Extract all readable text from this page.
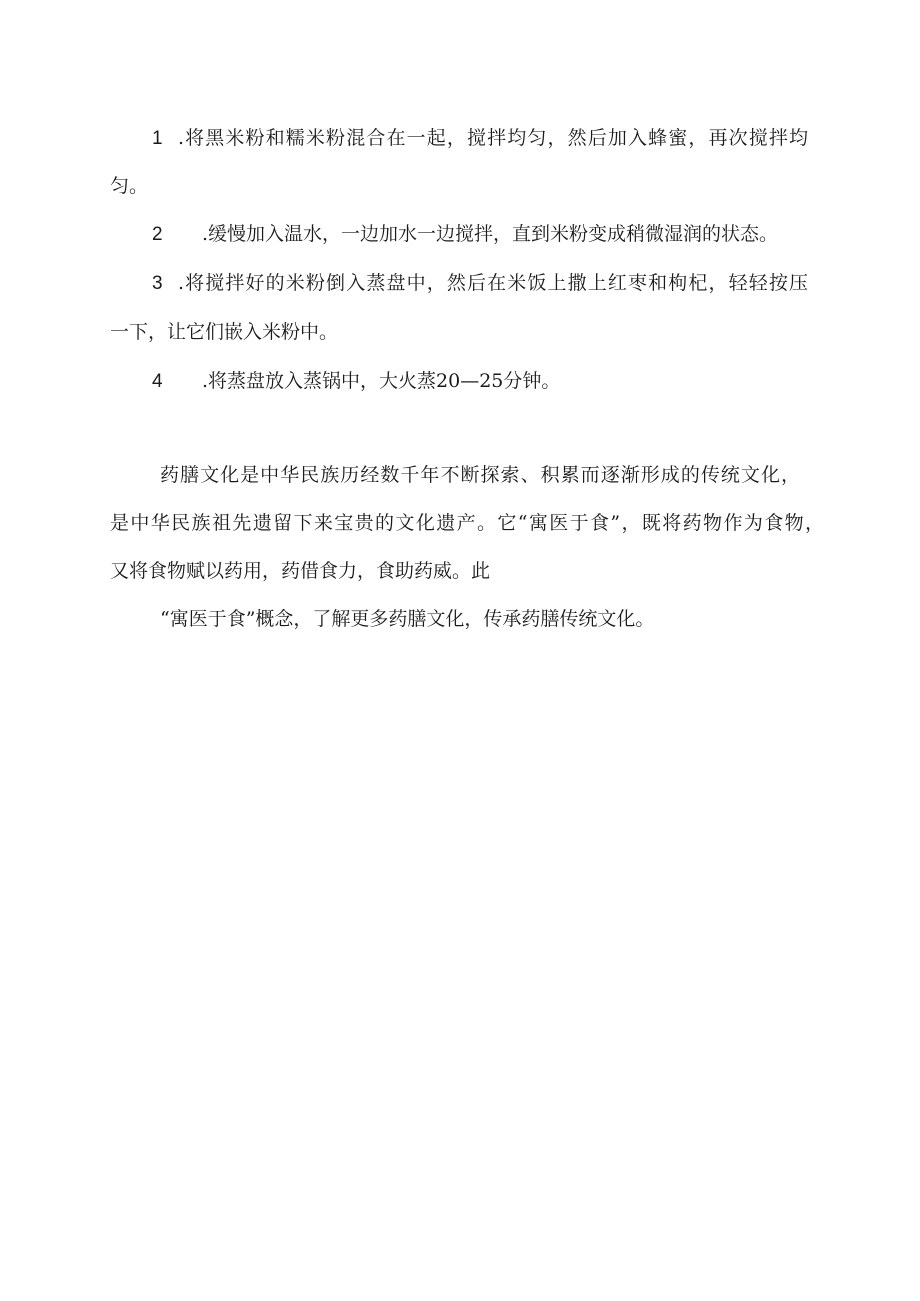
1 .将黑米粉和糯米粉混合在一起，搅拌均匀，然后加入蜂蜜，再次搅拌均
匀。
2 .缓慢加入温水，一边加水一边搅拌，直到米粉变成稍微湿润的状态。
3 .将搅拌好的米粉倒入蒸盘中，然后在米饭上撒上红枣和枸杞，轻轻按压
一下，让它们嵌入米粉中。
4 .将蒸盘放入蒸锅中，大火蒸20—25分钟。
药膳文化是中华民族历经数千年不断探索、积累而逐渐形成的传统文化，
是中华民族祖先遗留下来宝贵的文化遗产。它“寓医于食”，既将药物作为食物，
又将食物赋以药用，药借食力，食助药威。此
“寓医于食”概念，了解更多药膳文化，传承药膳传统文化。
